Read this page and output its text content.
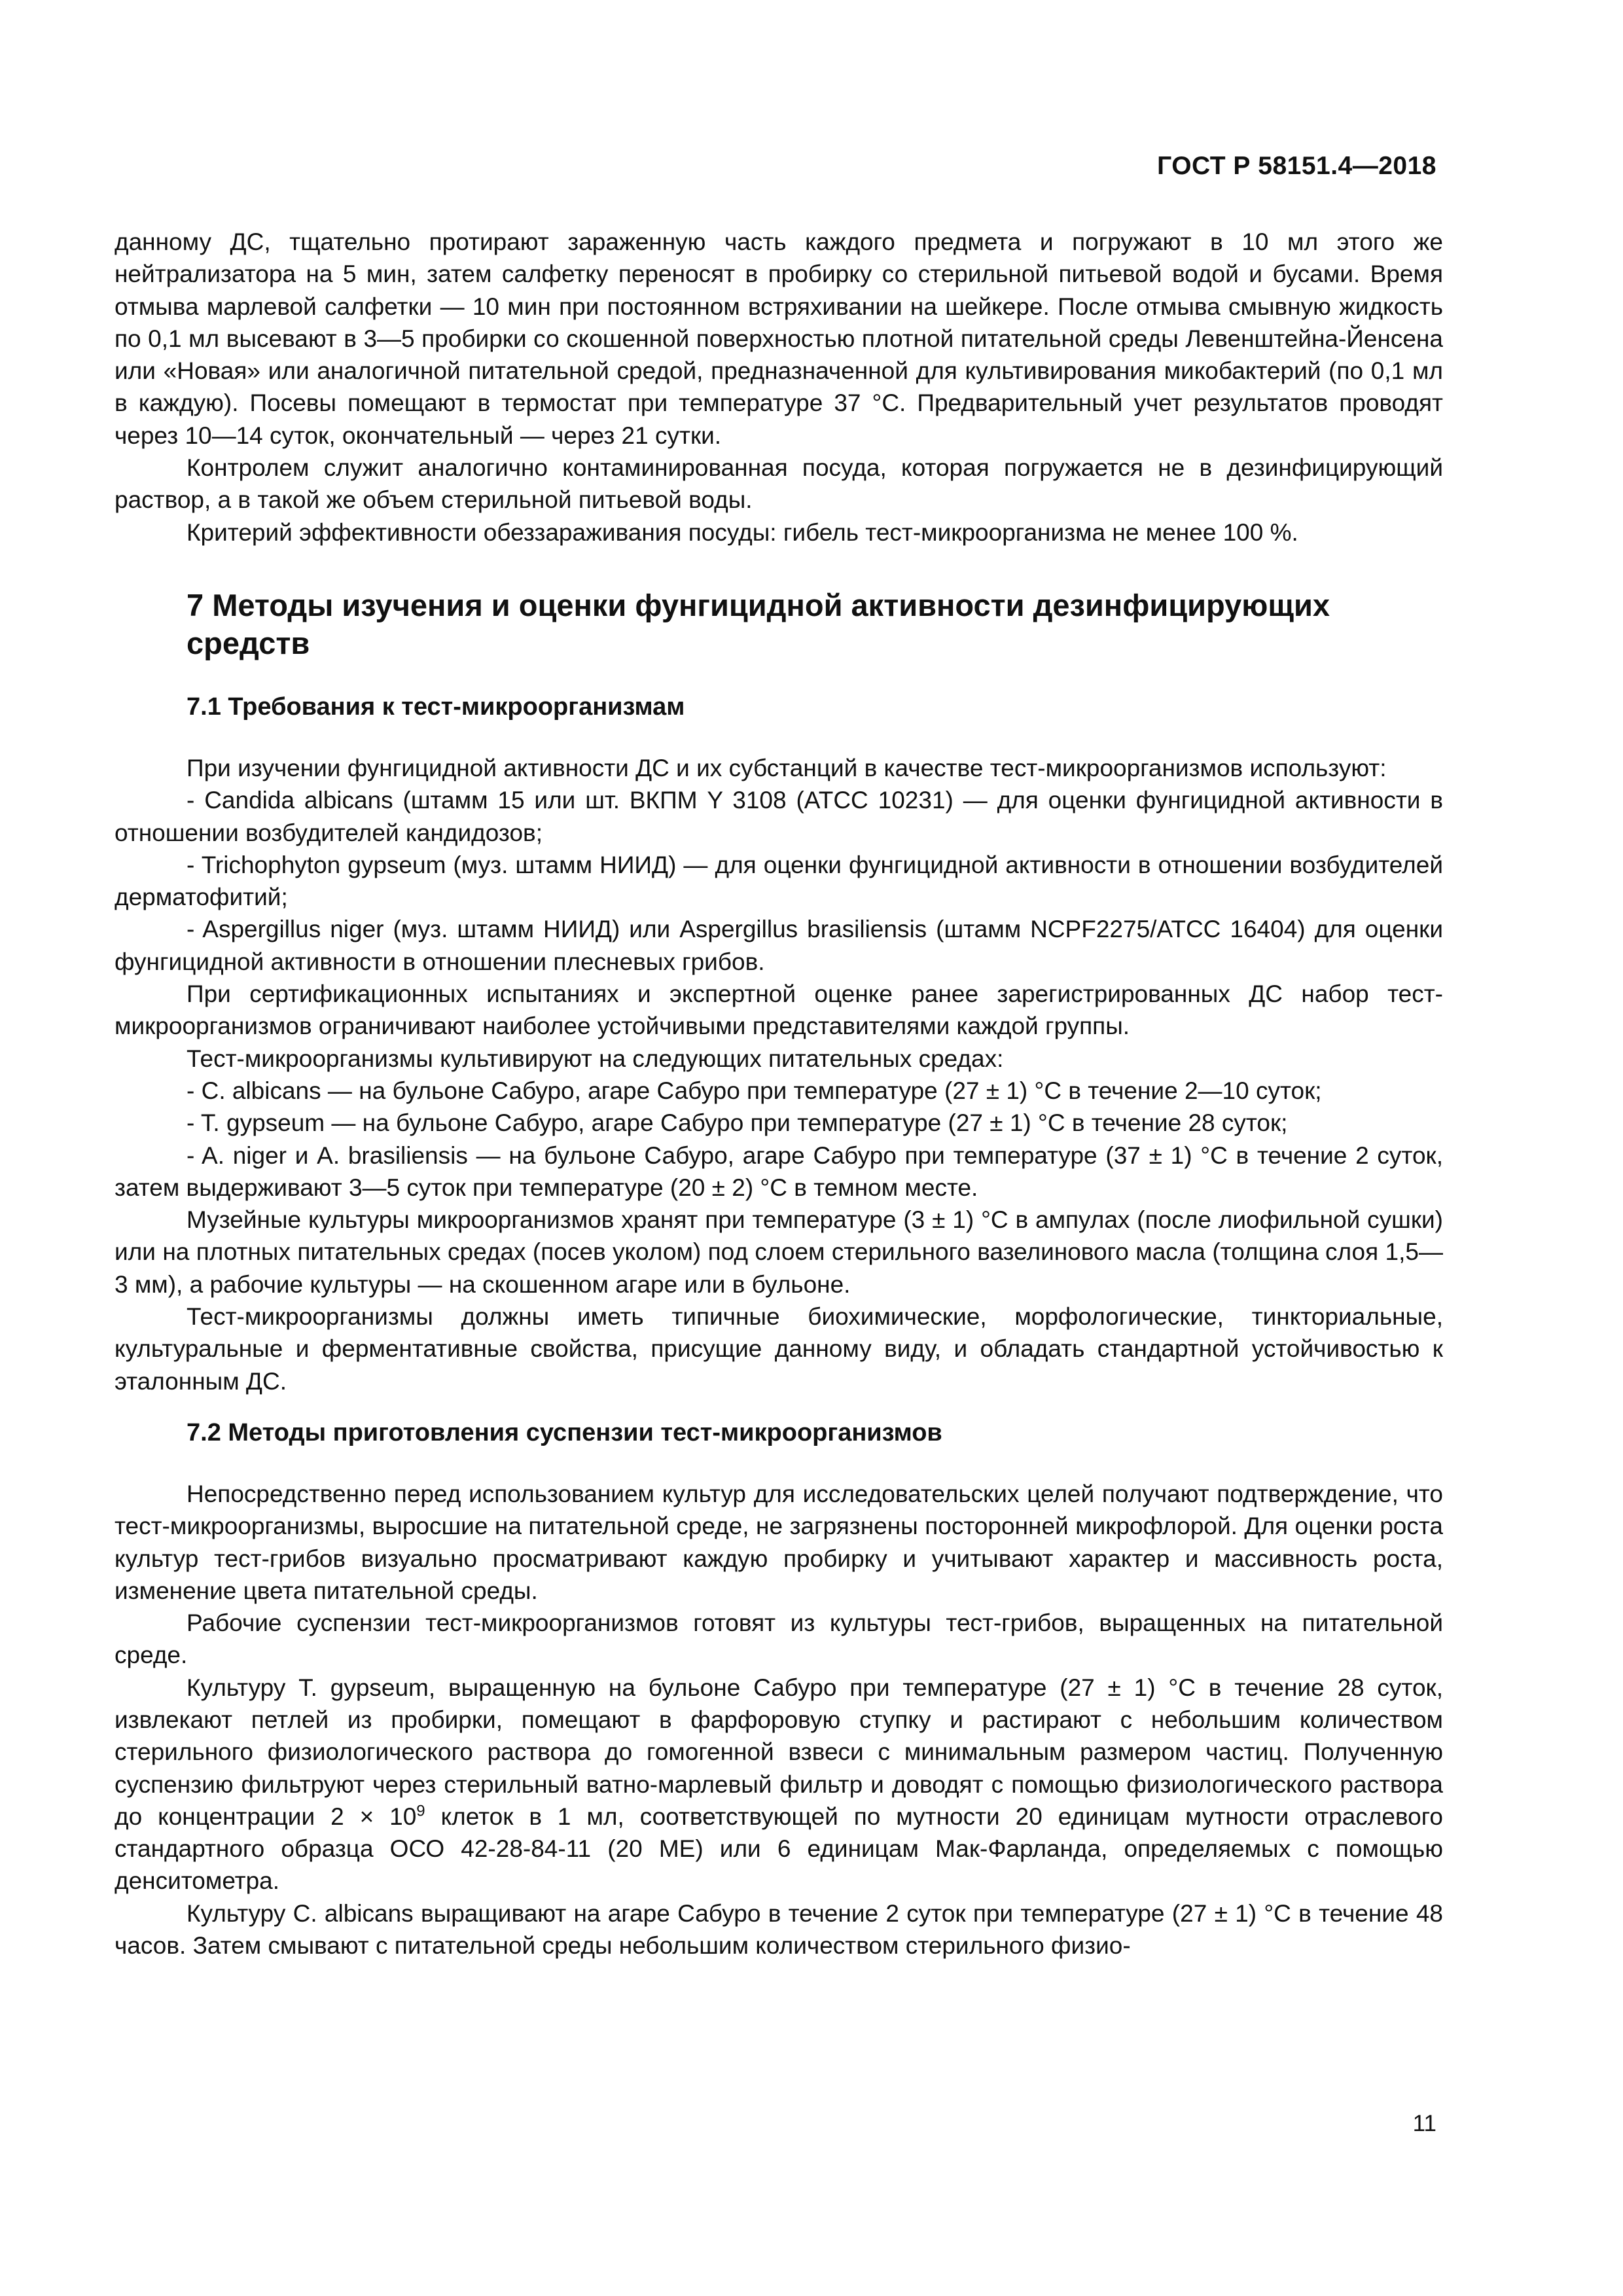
ГОСТ Р 58151.4—2018

данному ДС, тщательно протирают зараженную часть каждого предмета и погружают в 10 мл этого же нейтрализатора на 5 мин, затем салфетку переносят в пробирку со стерильной питьевой водой и бусами. Время отмыва марлевой салфетки — 10 мин при постоянном встряхивании на шейкере. После отмыва смывную жидкость по 0,1 мл высевают в 3—5 пробирки со скошенной поверхностью плотной питательной среды Левенштейна-Йенсена или «Новая» или аналогичной питательной средой, предназначенной для культивирования микобактерий (по 0,1 мл в каждую). Посевы помещают в термостат при температуре 37 °С. Предварительный учет результатов проводят через 10—14 суток, окончательный — через 21 сутки.

Контролем служит аналогично контаминированная посуда, которая погружается не в дезинфицирующий раствор, а в такой же объем стерильной питьевой воды.

Критерий эффективности обеззараживания посуды: гибель тест-микроорганизма не менее 100 %.

7 Методы изучения и оценки фунгицидной активности дезинфицирующих средств
7.1 Требования к тест-микроорганизмам

При изучении фунгицидной активности ДС и их субстанций в качестве тест-микроорганизмов используют:

- Candida albicans (штамм 15 или шт. ВКПМ Y 3108 (ATCC 10231) — для оценки фунгицидной активности в отношении возбудителей кандидозов;

- Trichophyton gypseum (муз. штамм НИИД) — для оценки фунгицидной активности в отношении возбудителей дерматофитий;

- Aspergillus niger (муз. штамм НИИД) или Aspergillus brasiliensis (штамм NCPF2275/ATCC 16404) для оценки фунгицидной активности в отношении плесневых грибов.

При сертификационных испытаниях и экспертной оценке ранее зарегистрированных ДС набор тест-микроорганизмов ограничивают наиболее устойчивыми представителями каждой группы.

Тест-микроорганизмы культивируют на следующих питательных средах:

- C. albicans — на бульоне Сабуро, агаре Сабуро при температуре (27 ± 1) °С в течение 2—10 суток;

- T. gypseum — на бульоне Сабуро, агаре Сабуро при температуре (27 ± 1) °С в течение 28 суток;

- A. niger и A. brasiliensis — на бульоне Сабуро, агаре Сабуро при температуре (37 ± 1) °С в течение 2 суток, затем выдерживают 3—5 суток при температуре (20 ± 2) °С в темном месте.

Музейные культуры микроорганизмов хранят при температуре (3 ± 1) °С в ампулах (после лиофильной сушки) или на плотных питательных средах (посев уколом) под слоем стерильного вазелинового масла (толщина слоя 1,5—3 мм), а рабочие культуры — на скошенном агаре или в бульоне.

Тест-микроорганизмы должны иметь типичные биохимические, морфологические, тинкториальные, культуральные и ферментативные свойства, присущие данному виду, и обладать стандартной устойчивостью к эталонным ДС.

7.2 Методы приготовления суспензии тест-микроорганизмов

Непосредственно перед использованием культур для исследовательских целей получают подтверждение, что тест-микроорганизмы, выросшие на питательной среде, не загрязнены посторонней микрофлорой. Для оценки роста культур тест-грибов визуально просматривают каждую пробирку и учитывают характер и массивность роста, изменение цвета питательной среды.

Рабочие суспензии тест-микроорганизмов готовят из культуры тест-грибов, выращенных на питательной среде.

Культуру T. gypseum, выращенную на бульоне Сабуро при температуре (27 ± 1) °С в течение 28 суток, извлекают петлей из пробирки, помещают в фарфоровую ступку и растирают с небольшим количеством стерильного физиологического раствора до гомогенной взвеси с минимальным размером частиц. Полученную суспензию фильтруют через стерильный ватно-марлевый фильтр и доводят с помощью физиологического раствора до концентрации $2 \times 10^9$ клеток в 1 мл, соответствующей по мутности 20 единицам мутности отраслевого стандартного образца ОСО 42-28-84-11 (20 МЕ) или 6 единицам Мак-Фарланда, определяемых с помощью денситометра.

Культуру C. albicans выращивают на агаре Сабуро в течение 2 суток при температуре (27 ± 1) °С в течение 48 часов. Затем смывают с питательной среды небольшим количеством стерильного физио-

11
